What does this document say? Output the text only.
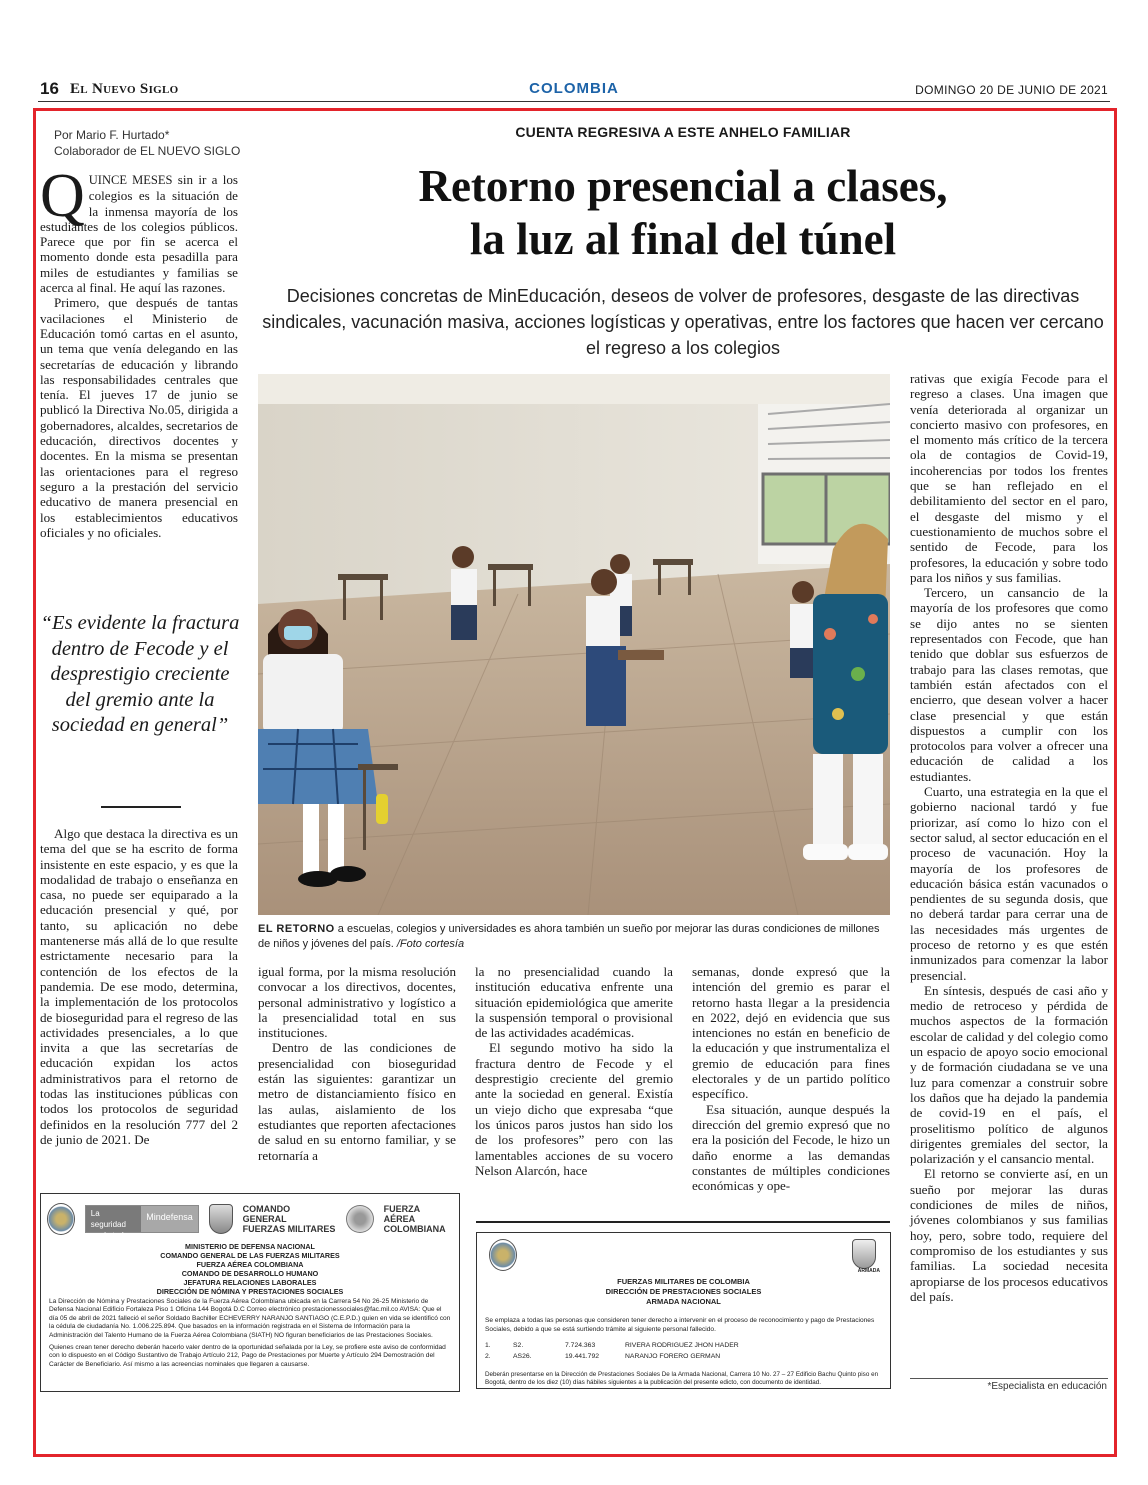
16 El Nuevo Siglo	COLOMBIA	DOMINGO 20 DE JUNIO DE 2021
Por Mario F. Hurtado*
Colaborador de EL NUEVO SIGLO

QUINCE MESES sin ir a los colegios es la situación de la inmensa mayoría de los estudiantes de los colegios públicos. Parece que por fin se acerca el momento donde esta pesadilla para miles de estudiantes y familias se acerca al final. He aquí las razones.

Primero, que después de tantas vacilaciones el Ministerio de Educación tomó cartas en el asunto, un tema que venía delegando en las secretarías de educación y librando las responsabilidades centrales que tenía. El jueves 17 de junio se publicó la Directiva No.05, dirigida a gobernadores, alcaldes, secretarios de educación, directivos docentes y docentes. En la misma se presentan las orientaciones para el regreso seguro a la prestación del servicio educativo de manera presencial en los establecimientos educativos oficiales y no oficiales.

“Es evidente la fractura dentro de Fecode y el desprestigio creciente del gremio ante la sociedad en general”

Algo que destaca la directiva es un tema del que se ha escrito de forma insistente en este espacio, y es que la modalidad de trabajo o enseñanza en casa, no puede ser equiparado a la educación presencial y qué, por tanto, su aplicación no debe mantenerse más allá de lo que resulte estrictamente necesario para la contención de los efectos de la pandemia. De ese modo, determina, la implementación de los protocolos de bioseguridad para el regreso de las actividades presenciales, a lo que invita a que las secretarías de educación expidan los actos administrativos para el retorno de todas las instituciones públicas con todos los protocolos de seguridad definidos en la resolución 777 del 2 de junio de 2021. De

CUENTA REGRESIVA A ESTE ANHELO FAMILIAR
Retorno presencial a clases,
la luz al final del túnel
Decisiones concretas de MinEducación, deseos de volver de profesores, desgaste de las directivas sindicales, vacunación masiva, acciones logísticas y operativas, entre los factores que hacen ver cercano el regreso a los colegios
EL RETORNO a escuelas, colegios y universidades es ahora también un sueño por mejorar las duras condiciones de millones de niños y jóvenes del país. /Foto cortesía

rativas que exigía Fecode para el regreso a clases. Una imagen que venía deteriorada al organizar un concierto masivo con profesores, en el momento más crítico de la tercera ola de contagios de Covid-19, incoherencias por todos los frentes que se han reflejado en el debilitamiento del sector en el paro, el desgaste del mismo y el cuestionamiento de muchos sobre el sentido de Fecode, para los profesores, la educación y sobre todo para los niños y sus familias.

Tercero, un cansancio de la mayoría de los profesores que como se dijo antes no se sienten representados con Fecode, que han tenido que doblar sus esfuerzos de trabajo para las clases remotas, que también están afectados con el encierro, que desean volver a hacer clase presencial y que están dispuestos a cumplir con los protocolos para volver a ofrecer una educación de calidad a los estudiantes.

Cuarto, una estrategia en la que el gobierno nacional tardó y fue priorizar, así como lo hizo con el sector salud, al sector educación en el proceso de vacunación. Hoy la mayoría de los profesores de educación básica están vacunados o pendientes de su segunda dosis, que no deberá tardar para cerrar una de las necesidades más urgentes de proceso de retorno y es que estén inmunizados para comenzar la labor presencial.

En síntesis, después de casi año y medio de retroceso y pérdida de muchos aspectos de la formación escolar de calidad y del colegio como un espacio de apoyo socio emocional y de formación ciudadana se ve una luz para comenzar a construir sobre los daños que ha dejado la pandemia de covid-19 en el país, el proselitismo político de algunos dirigentes gremiales del sector, la polarización y el cansancio mental.

El retorno se convierte así, en un sueño por mejorar las duras condiciones de miles de niños, jóvenes colombianos y sus familias hoy, pero, sobre todo, requiere del compromiso de los estudiantes y sus familias. La sociedad necesita apropiarse de los procesos educativos del país.

*Especialista en educación

igual forma, por la misma resolución convocar a los directivos, docentes, personal administrativo y logístico a la presencialidad total en sus instituciones.

Dentro de las condiciones de presencialidad con bioseguridad están las siguientes: garantizar un metro de distanciamiento físico en las aulas, aislamiento de los estudiantes que reporten afectaciones de salud en su entorno familiar, y se retornaría a

la no presencialidad cuando la institución educativa enfrente una situación epidemiológica que amerite la suspensión temporal o provisional de las actividades académicas.

El segundo motivo ha sido la fractura dentro de Fecode y el desprestigio creciente del gremio ante la sociedad en general. Existía un viejo dicho que expresaba “que los únicos paros justos han sido los de los profesores” pero con las lamentables acciones de su vocero Nelson Alarcón, hace

semanas, donde expresó que la intención del gremio es parar el retorno hasta llegar a la presidencia en 2022, dejó en evidencia que sus intenciones no están en beneficio de la educación y que instrumentaliza el gremio de educación para fines electorales y de un partido político específico.

Esa situación, aunque después la dirección del gremio expresó que no era la posición del Fecode, le hizo un daño enorme a las demandas constantes de múltiples condiciones económicas y ope-

La seguridad
es de todos
Mindefensa
COMANDO GENERAL
FUERZAS MILITARES
FUERZA AÉREA
COLOMBIANA
MINISTERIO DE DEFENSA NACIONAL
COMANDO GENERAL DE LAS FUERZAS MILITARES
FUERZA AÉREA COLOMBIANA
COMANDO DE DESARROLLO HUMANO
JEFATURA RELACIONES LABORALES
DIRECCIÓN DE NÓMINA Y PRESTACIONES SOCIALES

La Dirección de Nómina y Prestaciones Sociales de la Fuerza Aérea Colombiana ubicada en la Carrera 54 No 26-25 Ministerio de Defensa Nacional Edificio Fortaleza Piso 1 Oficina 144 Bogotá D.C Correo electrónico prestacionessociales@fac.mil.co AVISA: Que el día 05 de abril de 2021 falleció el señor Soldado Bachiller ECHEVERRY NARANJO SANTIAGO (C.E.P.D.) quien en vida se identificó con la cédula de ciudadanía No. 1.006.225.894. Que basados en la información registrada en el Sistema de Información para la Administración del Talento Humano de la Fuerza Aérea Colombiana (SIATH) NO figuran beneficiarios de las Prestaciones Sociales.

Quienes crean tener derecho deberán hacerlo valer dentro de la oportunidad señalada por la Ley, se profiere este aviso de conformidad con lo dispuesto en el Código Sustantivo de Trabajo Artículo 212, Pago de Prestaciones por Muerte y Artículo 294 Demostración del Carácter de Beneficiario. Así mismo a las acreencias nominales que llegaren a causarse.

ARMADA
FUERZAS MILITARES DE COLOMBIA
DIRECCIÓN DE PRESTACIONES SOCIALES
ARMADA NACIONAL
Se emplaza a todas las personas que consideren tener derecho a intervenir en el proceso de reconocimiento y pago de Prestaciones Sociales, debido a que se está surtiendo trámite al siguiente personal fallecido.
1.	S2.	7.724.363	RIVERA RODRIGUEZ JHON HADER
2.	AS26.	19.441.792	NARANJO FORERO GERMAN
Deberán presentarse en la Dirección de Prestaciones Sociales De la Armada Nacional, Carrera 10 No. 27 – 27 Edificio Bachu Quinto piso en Bogotá, dentro de los diez (10) días hábiles siguientes a la publicación del presente edicto, con documento de identidad.
